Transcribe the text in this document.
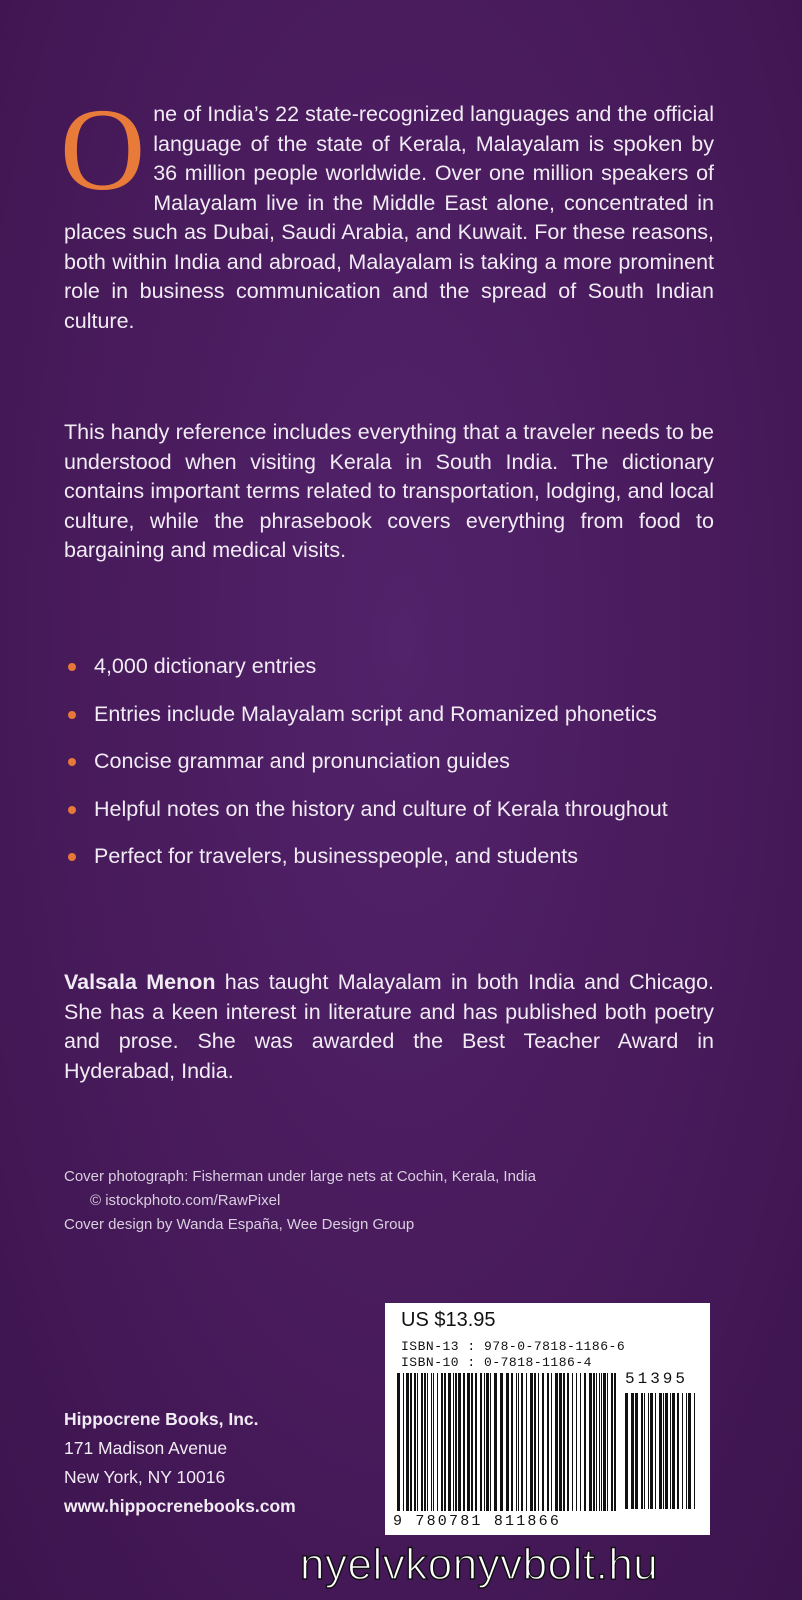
One of India’s 22 state-recognized languages and the official language of the state of Kerala, Malayalam is spoken by 36 million people worldwide. Over one million speakers of Malayalam live in the Middle East alone, concentrated in places such as Dubai, Saudi Arabia, and Kuwait. For these reasons, both within India and abroad, Malayalam is taking a more prominent role in business communication and the spread of South Indian culture.

This handy reference includes everything that a traveler needs to be understood when visiting Kerala in South India. The dictionary contains important terms related to transportation, lodging, and local culture, while the phrasebook covers everything from food to bargaining and medical visits.

4,000 dictionary entries
Entries include Malayalam script and Romanized phonetics
Concise grammar and pronunciation guides
Helpful notes on the history and culture of Kerala throughout
Perfect for travelers, businesspeople, and students

Valsala Menon has taught Malayalam in both India and Chicago. She has a keen interest in literature and has published both poetry and prose. She was awarded the Best Teacher Award in Hyderabad, India.

Cover photograph: Fisherman under large nets at Cochin, Kerala, India
© istockphoto.com/RawPixel
Cover design by Wanda España, Wee Design Group
Hippocrene Books, Inc.
171 Madison Avenue
New York, NY 10016
www.hippocrenebooks.com
US $13.95
ISBN-13 : 978-0-7818-1186-6
ISBN-10 : 0-7818-1186-4
51395
9 780781 811866
nyelvkonyvbolt.hu
